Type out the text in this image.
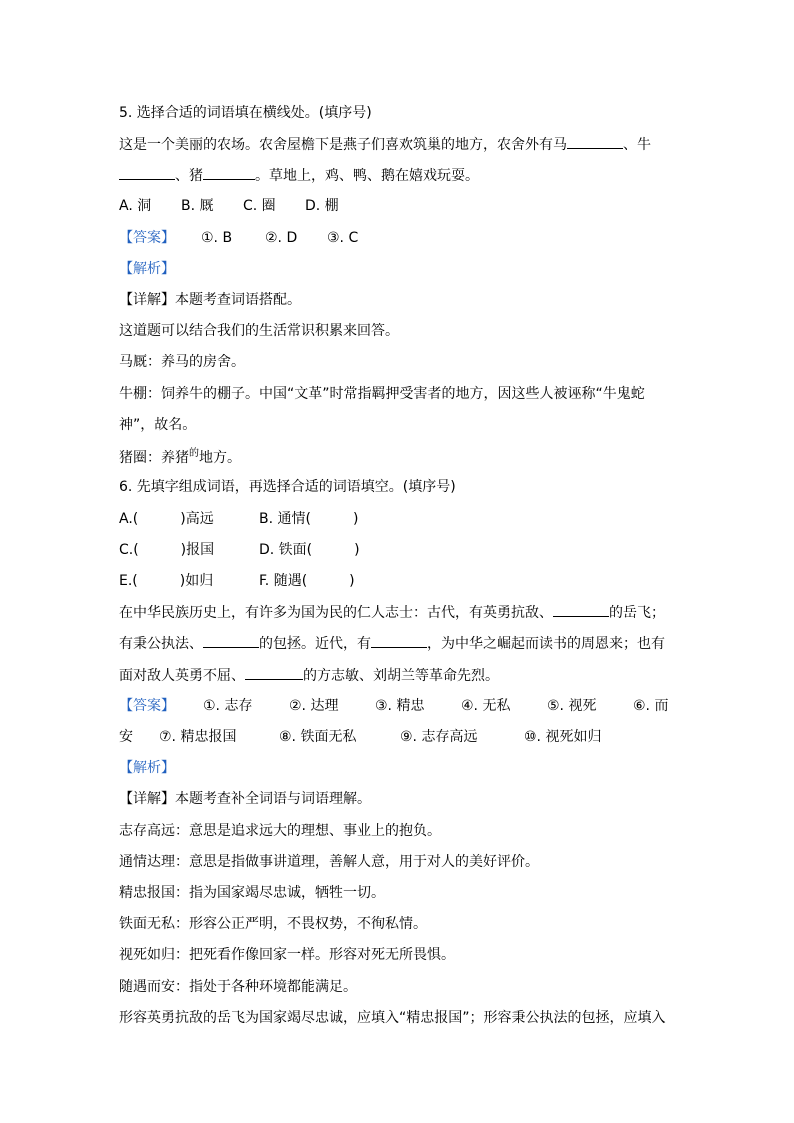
5. 选择合适的词语填在横线处。(填序号)
这是一个美丽的农场。农舍屋檐下是燕子们喜欢筑巢的地方，农舍外有马	、牛
、猪	。草地上，鸡、鸭、鹅在嬉戏玩耍。
A. 洞 B. 厩 C. 圈 D. 棚
【答案】 ①. B ②. D ③. C
【解析】
【详解】本题考查词语搭配。
这道题可以结合我们的生活常识积累来回答。
马厩：养马的房舍。
牛棚：饲养牛的棚子。中国“文革”时常指羁押受害者的地方，因这些人被诬称“牛鬼蛇
神”，故名。
猪圈：养猪$^的$地方。
6. 先填字组成词语，再选择合适的词语填空。(填序号)
A.(　　　)高远	B. 通情(　　　)
C.(　　　)报国	D. 铁面(　　　)
E.(　　　)如归	F. 随遇(　　　)
在中华民族历史上，有许多为国为民的仁人志士：古代，有英勇抗敌、	的岳飞；
有秉公执法、	的包拯。近代，有	，为中华之崛起而读书的周恩来；也有
面对敌人英勇不屈、	的方志敏、刘胡兰等革命先烈。
【答案】 ①. 志存	②. 达理	③. 精忠	④. 无私	⑤. 视死	⑥. 而
安 ⑦. 精忠报国	⑧. 铁面无私	⑨. 志存高远	⑩. 视死如归
【解析】
【详解】本题考查补全词语与词语理解。
志存高远：意思是追求远大的理想、事业上的抱负。
通情达理：意思是指做事讲道理，善解人意，用于对人的美好评价。
精忠报国：指为国家竭尽忠诚，牺牲一切。
铁面无私：形容公正严明，不畏权势，不徇私情。
视死如归：把死看作像回家一样。形容对死无所畏惧。
随遇而安：指处于各种环境都能满足。
形容英勇抗敌的岳飞为国家竭尽忠诚，应填入“精忠报国”；形容秉公执法的包拯，应填入
